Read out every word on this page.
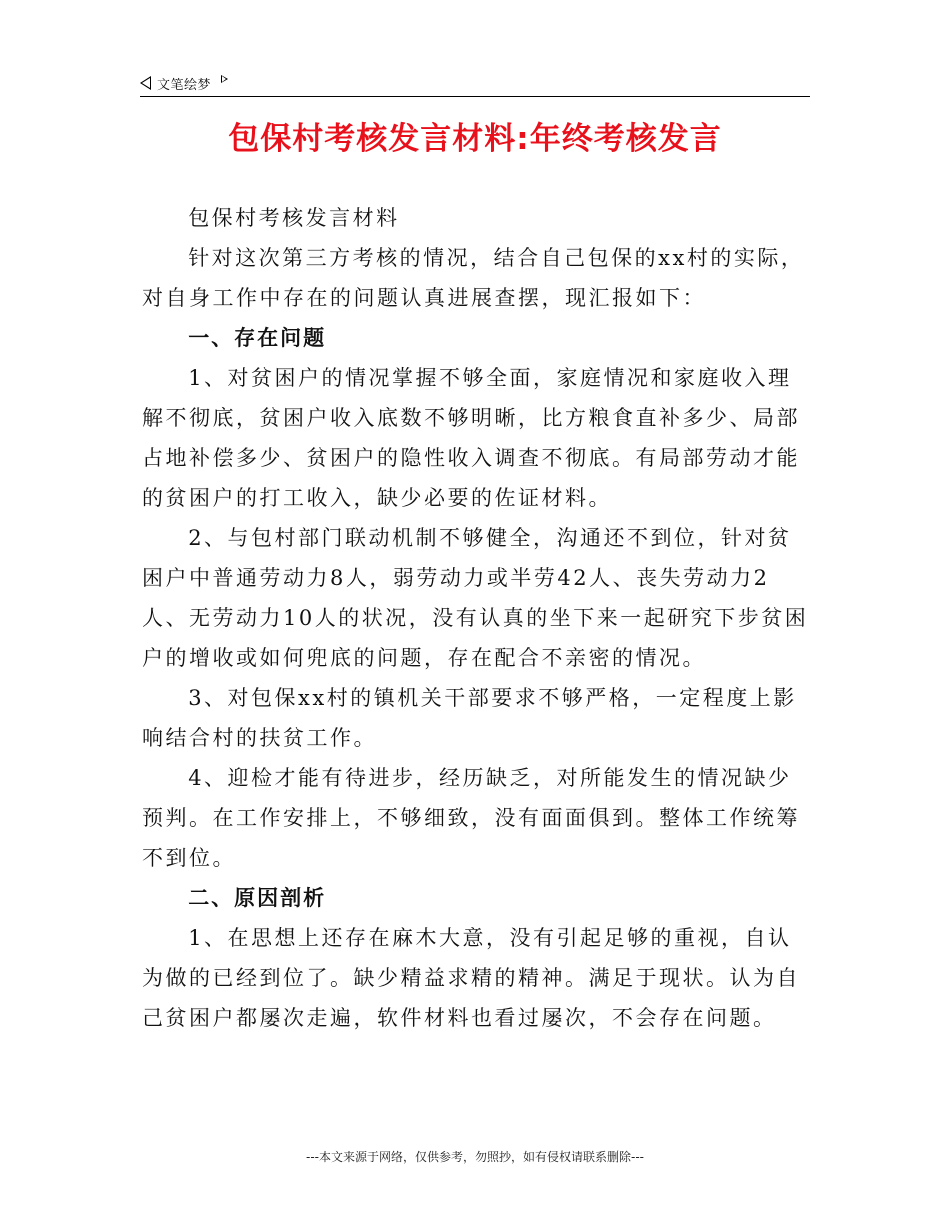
文笔绘梦
包保村考核发言材料:年终考核发言

包保村考核发言材料

针对这次第三方考核的情况，结合自己包保的xx村的实际，对自身工作中存在的问题认真进展查摆，现汇报如下：

一、存在问题

1、对贫困户的情况掌握不够全面，家庭情况和家庭收入理解不彻底，贫困户收入底数不够明晰，比方粮食直补多少、局部占地补偿多少、贫困户的隐性收入调查不彻底。有局部劳动才能的贫困户的打工收入，缺少必要的佐证材料。

2、与包村部门联动机制不够健全，沟通还不到位，针对贫困户中普通劳动力8人，弱劳动力或半劳42人、丧失劳动力2人、无劳动力10人的状况，没有认真的坐下来一起研究下步贫困户的增收或如何兜底的问题，存在配合不亲密的情况。

3、对包保xx村的镇机关干部要求不够严格，一定程度上影响结合村的扶贫工作。

4、迎检才能有待进步，经历缺乏，对所能发生的情况缺少预判。在工作安排上，不够细致，没有面面俱到。整体工作统筹不到位。

二、原因剖析

1、在思想上还存在麻木大意，没有引起足够的重视，自认为做的已经到位了。缺少精益求精的精神。满足于现状。认为自己贫困户都屡次走遍，软件材料也看过屡次，不会存在问题。

---本文来源于网络，仅供参考，勿照抄，如有侵权请联系删除---
